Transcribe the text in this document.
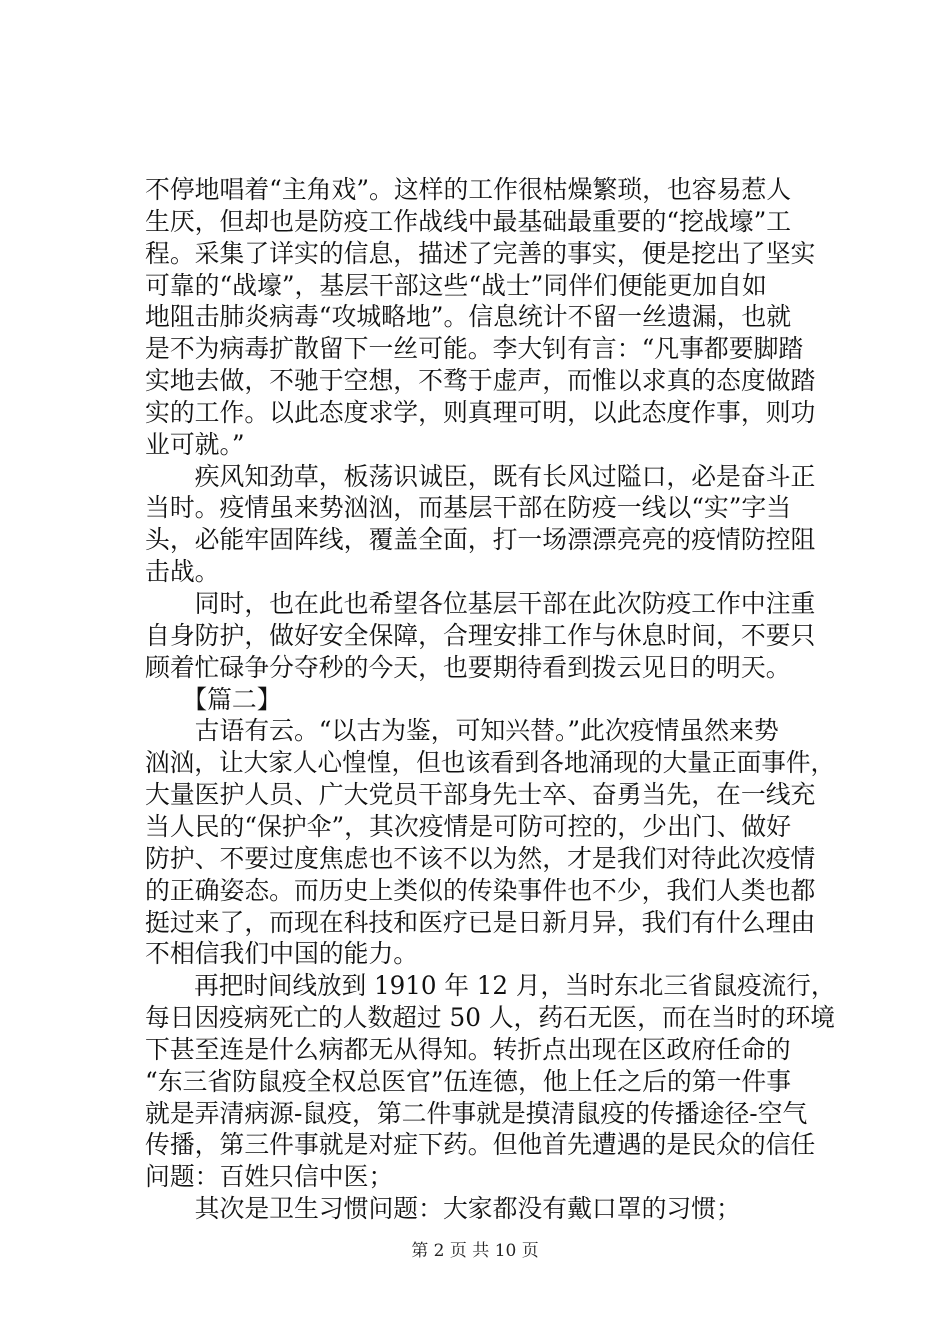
不停地唱着“主角戏”。这样的工作很枯燥繁琐，也容易惹人
生厌，但却也是防疫工作战线中最基础最重要的“挖战壕”工
程。采集了详实的信息，描述了完善的事实，便是挖出了坚实
可靠的“战壕”，基层干部这些“战士”同伴们便能更加自如
地阻击肺炎病毒“攻城略地”。信息统计不留一丝遗漏，也就
是不为病毒扩散留下一丝可能。李大钊有言：“凡事都要脚踏
实地去做，不驰于空想，不骛于虚声，而惟以求真的态度做踏
实的工作。以此态度求学，则真理可明，以此态度作事，则功
业可就。”
　　疾风知劲草，板荡识诚臣，既有长风过隘口，必是奋斗正
当时。疫情虽来势汹汹，而基层干部在防疫一线以“实”字当
头，必能牢固阵线，覆盖全面，打一场漂漂亮亮的疫情防控阻
击战。
　　同时，也在此也希望各位基层干部在此次防疫工作中注重
自身防护，做好安全保障，合理安排工作与休息时间，不要只
顾着忙碌争分夺秒的今天，也要期待看到拨云见日的明天。
　　【篇二】
　　古语有云。“以古为鉴，可知兴替。”此次疫情虽然来势
汹汹，让大家人心惶惶，但也该看到各地涌现的大量正面事件，
大量医护人员、广大党员干部身先士卒、奋勇当先，在一线充
当人民的“保护伞”，其次疫情是可防可控的，少出门、做好
防护、不要过度焦虑也不该不以为然，才是我们对待此次疫情
的正确姿态。而历史上类似的传染事件也不少，我们人类也都
挺过来了，而现在科技和医疗已是日新月异，我们有什么理由
不相信我们中国的能力。
　　再把时间线放到 1910 年 12 月，当时东北三省鼠疫流行，
每日因疫病死亡的人数超过 50 人，药石无医，而在当时的环境
下甚至连是什么病都无从得知。转折点出现在区政府任命的
“东三省防鼠疫全权总医官”伍连德，他上任之后的第一件事
就是弄清病源-鼠疫，第二件事就是摸清鼠疫的传播途径-空气
传播，第三件事就是对症下药。但他首先遭遇的是民众的信任
问题：百姓只信中医；
　　其次是卫生习惯问题：大家都没有戴口罩的习惯；
第 2 页 共 10 页
